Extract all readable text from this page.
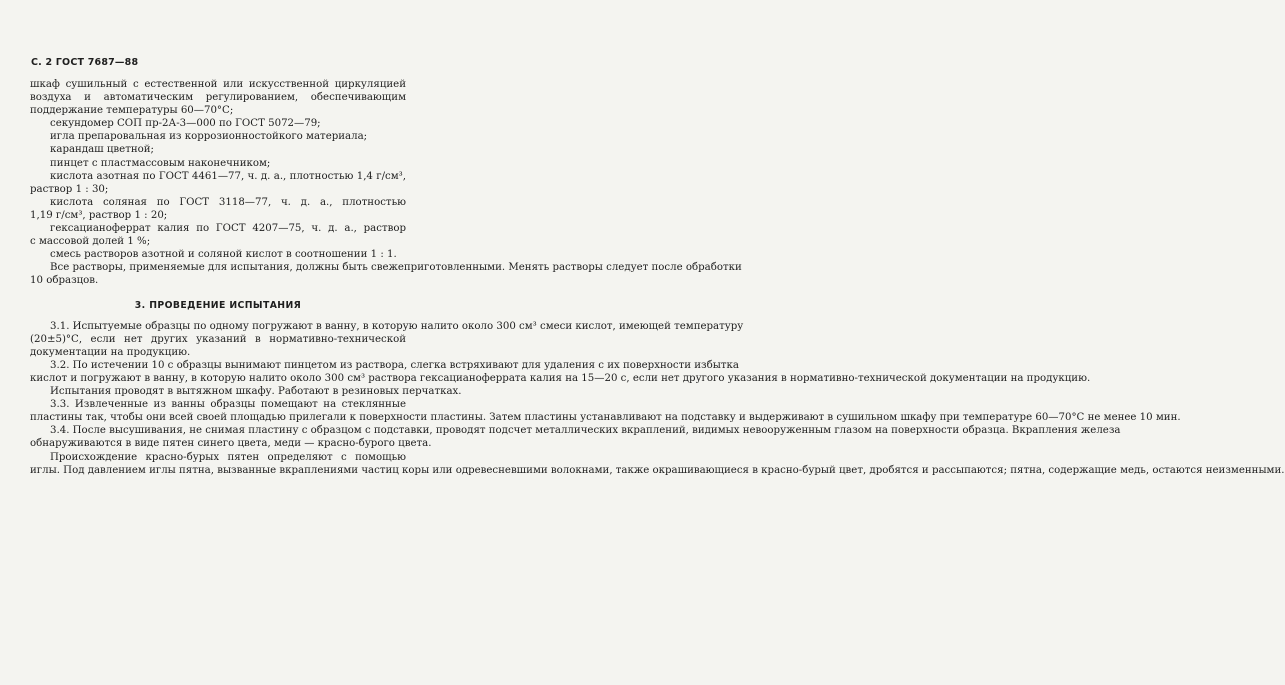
С. 2 ГОСТ 7687—88
шкаф сушильный с естественной или искусственной циркуляцией
воздуха и автоматическим регулированием, обеспечивающим
поддержание температуры 60—70°С;
секундомер СОП пр-2А-3—000 по ГОСТ 5072—79;
игла препаровальная из коррозионностойкого материала;
карандаш цветной;
пинцет с пластмассовым наконечником;
кислота азотная по ГОСТ 4461—77, ч. д. а., плотностью 1,4 г/см³,
раствор 1 : 30;
кислота соляная по ГОСТ 3118—77, ч. д. а., плотностью
1,19 г/см³, раствор 1 : 20;
гексацианоферрат калия по ГОСТ 4207—75, ч. д. а., раствор
с массовой долей 1 %;
смесь растворов азотной и соляной кислот в соотношении 1 : 1.
Все растворы, применяемые для испытания, должны быть свежеприготовленными. Менять растворы следует после обработки
10 образцов.
3. ПРОВЕДЕНИЕ ИСПЫТАНИЯ
3.1. Испытуемые образцы по одному погружают в ванну, в которую налито около 300 см³ смеси кислот, имеющей температуру
(20±5)°С, если нет других указаний в нормативно-технической
документации на продукцию.
3.2. По истечении 10 с образцы вынимают пинцетом из раствора, слегка встряхивают для удаления с их поверхности избытка
кислот и погружают в ванну, в которую налито около 300 см³ раствора гексацианоферрата калия на 15—20 с, если нет другого указания в нормативно-технической документации на продукцию.
Испытания проводят в вытяжном шкафу. Работают в резиновых перчатках.
3.3. Извлеченные из ванны образцы помещают на стеклянные
пластины так, чтобы они всей своей площадью прилегали к поверхности пластины. Затем пластины устанавливают на подставку и выдерживают в сушильном шкафу при температуре 60—70°С не менее 10 мин.
3.4. После высушивания, не снимая пластину с образцом с подставки, проводят подсчет металлических вкраплений, видимых невооруженным глазом на поверхности образца. Вкрапления железа
обнаруживаются в виде пятен синего цвета, меди — красно-бурого цвета.
Происхождение красно-бурых пятен определяют с помощью
иглы. Под давлением иглы пятна, вызванные вкраплениями частиц коры или одревесневшими волокнами, также окрашивающиеся в красно-бурый цвет, дробятся и рассыпаются; пятна, содержащие медь, остаются неизменными.
